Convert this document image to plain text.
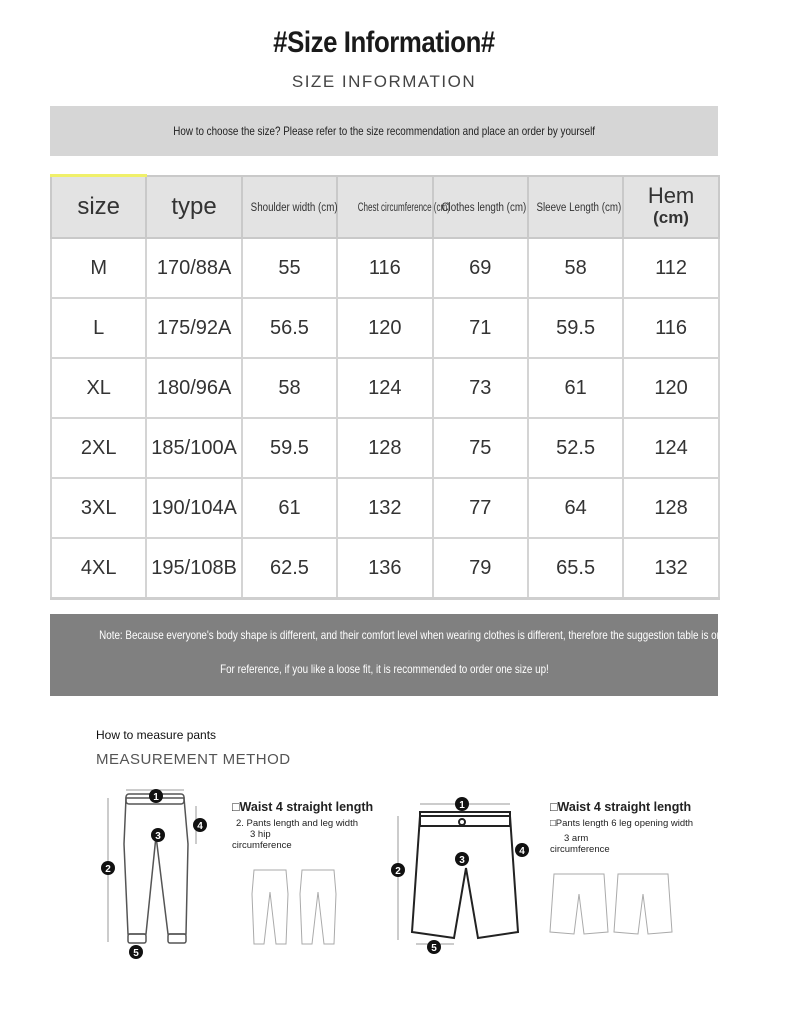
#Size Information#
SIZE INFORMATION
How to choose the size? Please refer to the size recommendation and place an order by yourself
size	type	Shoulder width (cm)	Chest circumference (cm)	Clothes length (cm)	Sleeve Length (cm)	Hem
(cm)

M	170/88A	55	116	69	58	112
L	175/92A	56.5	120	71	59.5	116
XL	180/96A	58	124	73	61	120
2XL	185/100A	59.5	128	75	52.5	124
3XL	190/104A	61	132	77	64	128
4XL	195/108B	62.5	136	79	65.5	132
Note: Because everyone's body shape is different, and their comfort level when wearing clothes is different, therefore the suggestion table is only
For reference, if you like a loose fit, it is recommended to order one size up!
How to measure pants
MEASUREMENT METHOD
1
3
4
2
5
□Waist 4 straight length
2. Pants length and leg width
3 hip
circumference
1
3
4
2
5
□Waist 4 straight length
□Pants length 6 leg opening width
3 arm
circumference
